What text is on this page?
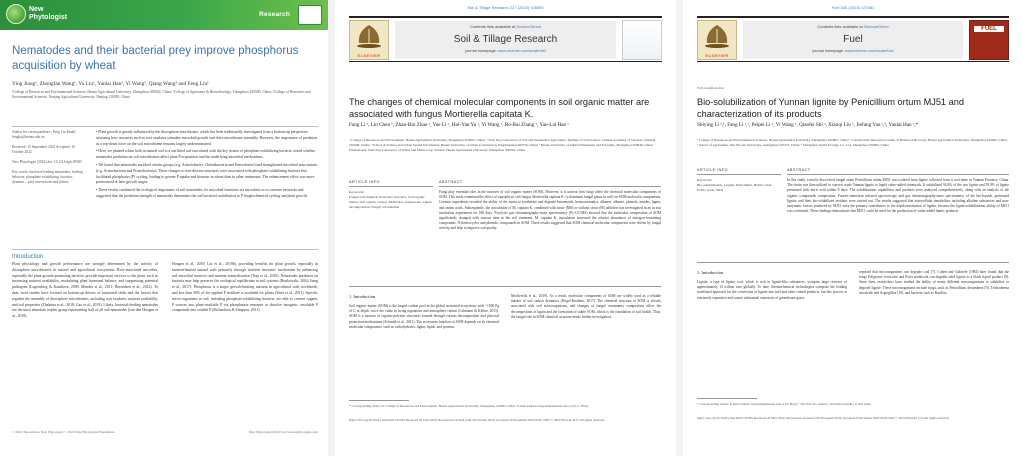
New
Phytologist	Research
Nematodes and their bacterial prey improve phosphorus acquisition by wheat
Ying Jiang¹, Zhongfan Wang¹, Yu Liu¹, Yanlai Han², Yi Wang², Qiang Wang³ and Feng Liu¹
¹College of Resources and Environmental Sciences, Henan Agricultural University, Zhengzhou 450002, China; ²College of Agronomy & Biotechnology, Zhengzhou 450000, China; ³College of Resources and Environmental Sciences, Nanjing Agricultural University, Nanjing 210095, China
Author for correspondence: Feng Liu Email: fengliu@henau.edu.cn
Received: 15 September 2022 Accepted: 16 October 2022
New Phytologist (2022) doi: 10.1111/nph.18569
Key words: bacterial-feeding nematodes, feeding behavior, phosphate solubilizing, bacteria, dynamic – prey interactions and fitness

• Plant growth is greatly influenced by the rhizosphere microbiome, which has been traditionally investigated from a bottom-up perspective assessing how resources such as root exudates stimulate microbial growth and drive microbiome assembly. However, the importance of predation as a top-down force on the soil microbiome remains largely underestimated.

• Here, we planted wheat both in natural soil to a sterilized soil inoculated with the key strains of phosphate-solubilizing bacteria, tested whether nematodes predation on soil microbiomes affect plant P acquisition and the underlying microbial mechanisms.

• We found that nematodes enriched certain groups (e.g. Acinetobacter, Chitinibacteria and Enterobacter) and strengthened microbial associations (e.g. Actinobacteria and Proteobacteria). These changes to tree-diverse structures were associated with phosphate-solubilizing bacteria that facilitated phosphorus (P) cycling, leading to greater P uptake and biomass in wheat than in other treatments. The enhancement effect was more pronounced at later growth stages.

• These results confirmed the ecological importance of soil nematodes for microbial functions via microbial co-occurrence networks and suggested that the predation strength of nematodes determines the soil bacterial contribution to P biogeochemical cycling and plant growth.

Introduction
Plant physiology and growth performance are strongly determined by the activity of rhizosphere microbiomes in natural and agricultural ecosystems. Root-associated microbes, especially the plant growth-promoting bacteria, provide important services to the plant, such as increasing nutrient availability, modulating plant hormonal balance, and suppressing potential pathogens (Lugtenberg & Kamilova, 2009; Mendes et al., 2011; Berendsen et al., 2012). To date, most studies have focused on bottom-up drivers of functional shifts and the factors that regulate the assembly of rhizosphere microbiomes, including root exudates, nutrient availability and soil properties (Zhalnina et al., 2018; Gao et al., 2019). Likely, bacterial-feeding nematodes are the most abundant trophic group representing half of all soil nematodes (van den Hoogen et al., 2019).
Hougen et al., 2019; Liu et al., 2019b), providing benefits for plant growth, especially in nutrient-limited natural soils primarily through 'nutrient increases' mechanism by enhancing soil microbial turnover and nutrient mineralization (Trap et al., 2016). Nematodes predation on bacteria may help preserve the ecological equilibrium in soil systems (Bonkowski, 2004; Jiang et al., 2017). Phosphorus is a major growth-limiting nutrient in agricultural soils worldwide, and less than 30% of the applied P fertilizer is available for plants (Shen et al., 2011). Specific micro-organisms in soil, including phosphate-solubilizing bacteria, are able to convert organic P sources into plant-available P via phosphatase enzymes or dissolve inorganic, insoluble P compounds into soluble P (Richardson & Simpson, 2011).
© 2022 The Authors New Phytologist © 2022 New Phytologist Foundation	New Phytologist (2022) www.newphytologist.com
Soil & Tillage Research 227 (2023) 105592
ELSEVIER
Contents lists available at ScienceDirect
Soil & Tillage Research
journal homepage: www.elsevier.com/locate/still
The changes of chemical molecular components in soil organic matter are associated with fungus Mortierella capitata K.
Fang Li ᵃ, Lin Chen ᵇ, Zhan-Bin Zhao ᵃ, Yue Li ᵃ, Hui-Yan Yu ᵃ, Yi Wang ᵃ, Bo-Bai Zhang ᵃ, Yan-Lai Han ᵃ
ᵃ College of Resources and Environment, Henan Agricultural University, Zhengzhou 450002, China; ᵇ State Key Laboratory of Soil and Sustainable Agriculture, Institute of Soil Science, Chinese Academy of Sciences, Nanjing 210008, China; ᶜ School of Science and Urban Spatial Information, Henan University of Urban Construction, Pingdingshan 467036, China; ᵈ Henan University of Animal Husbandry and Economy, Zhengzhou 450046, China; ᵉ Fermentation Soils Key Laboratory of Wheat and Maize Crop Science, Henan Agricultural University, Zhengzhou 450002, China
ARTICLE INFO
Keywords:
Fungal soil chemical molecular structure, Soil organic matter, Soil organic carbon, Molecular components, Lignin decomposition, Fungal colonization
ABSTRACT
Fungi play essential roles in the turnover of soil organic matter (SOM). However, it is unclear how fungi affect the chemical molecular components of SOM. This study examined the effect of saprophytic soil fungus Mortierella capitata K. (a dominant fungal genus in soil) on SOM molecular components. Ceramic ingredients revealed the ability of the strain to synthesize and degrade benzenoids, heteroaromatics, alkanes, alkenes, phenols, amides, lignin, and amino acids. Subsequently, the inoculation of M. capitata K. combined with straw (MS) or without straw (M) addition was investigated in an in situ incubation experiment for 180 days. Pyrolysis gas chromatography-mass spectrometry (Py-GC/MS) showed that the molecular composition of SOM significantly changed with various time in the soil treatment. M. capitata K. inoculation increased the relative abundance of nitrogen-containing compounds, N-heterocycles and phenolic compounds in SOM. These results suggested that SOM chemical molecular components were driven by fungal activity and help to improve soil quality.
1. Introduction
Soil organic matter (SOM) is the largest carbon pool in the global terrestrial ecosystem, with ~1500 Pg of C in depth, twice the value in living organisms and atmosphere carbon (Lehmann & Kleber, 2015). SOM is a mixture of organic-polymer structures formed through various decomposition and physical protection mechanisms (Schmidt et al., 2011). The ecosystem function of SOM depends on its chemical molecular components, such as carbohydrates, lignin, lipids, and proteins.
Mortierella et al., 2019). As a result, molecular components of SOM are widely used as a reliable marker of soil carbon dynamics (Kögel-Knabner, 2017). The chemical structure of SOM is closely associated with soil microorganisms, and changes of fungal community composition affect the decomposition of lignin and the formation of stable SOM, which is the foundation of soil health. Thus, the fungal role in SOM chemical structure needs further investigation.
* Corresponding author at: College of Resources and Environment, Henan Agricultural University, Zhengzhou 450002, China. E-mail address: hanyanlai@henau.edu.cn (Y.-L. Han).
https://doi.org/10.1016/j.still.2022.105592 Received 26 June 2022; Received in revised form 26 October 2022; Accepted 10 November 2022 0167-1987/© 2022 Elsevier B.V. All rights reserved.
Fuel 335 (2023) 127081
ELSEVIER
Contents lists available at ScienceDirect
Fuel
journal homepage: www.elsevier.com/locate/fuel
FUEL
Full Length Article
Bio-solubilization of Yunnan lignite by Penicillium ortum MJ51 and characterization of its products
Shiying Li ᵃ,¹, Fang Li ᵃ,¹, Peipei Li ᵃ, Yi Wang ᵃ, Qiaofei Shi ᵃ, Xiaoqi Liu ᵇ, Jiefang Yan ᶜ,ᵈ, Yanlai Han ᵃ,*
ᵃ College of Resources and Environmental Sciences, Henan Agricultural University, Zhengzhou 450002, China; ᵇ Collaborative Innovation Center of Henan Grain Crops, Henan Agricultural University, Zhengzhou 450002, China; ᶜ School of Agriculture, Sun Yat-sen University, Guangzhou 510275, China; ᵈ Zhengzhou Jinshi Ecology Co., Ltd, Zhengzhou 450002, China
ARTICLE INFO
Keywords:
Bio-solubilization, Lignite, Penicillium, Humic acids, Fulvic acids, XRD
ABSTRACT
In this study, a newly discovered fungal strain Penicillium ortum MJ51 was isolated from lignite collected from a coal mine in Yunnan Province, China. The strain was then utilized to convert crude Yunnan lignite to liquid value-added chemicals. It solubilized 94.8% of the raw lignite and 59.9% of lignite pretreated with nitric acid within 8 days. The solubilization capabilities and products were analyzed comprehensively, along with an analysis of the organic compounds composition. Fourier-transform infrared spectroscopy and gas chromatography-mass spectrometry of the bio-liquids, pretreated lignite, and their bio-solubilized residues were carried out. The results suggested that extracellular metabolites including alkaline substances and non-enzymatic factors produced by MJ51 were the primary contributors to the depolymerization of lignite, because the lignin-solubilization ability of MJ51 was confirmed. These findings demonstrate that MJ51 could be used for the production of value-added humic products.
1. Introduction
Lignite, a type of lignite coal, which is rich in lignite-like substances, occupies large reserves of approximately 13 trillion tons globally. To date, thermochemical technologies comprise the leading traditional approach for the conversion of lignite into fuel and other valued products, but this process is extremely expensive and causes substantial emissions of greenhouse gases.
reported that microorganisms can degrade coal [7]. Cohen and Gabriele (1982) later found that the fungi Polyporus versicolor and Poria monticola can degrade solid lignite to a black liquid product [8]. Since then, researchers have studied the ability of many different microorganisms to solubilize or degrade lignite. These microorganisms include fungi, such as Penicillium decumbens [9], Trichoderma atroviride and Aspergillus [10], and bacteria such as Bacillus.
* Corresponding author. E-mail address: hanyanlai@henau.edu.cn (Y. Han). ¹ The first two authors contributed equally to this study.
https://doi.org/10.1016/j.fuel.2022.127081 Received 20 May 2022; Received in revised form 28 August 2022; Accepted 9 December 2022 0016-2361/© 2022 Elsevier Ltd. All rights reserved.
